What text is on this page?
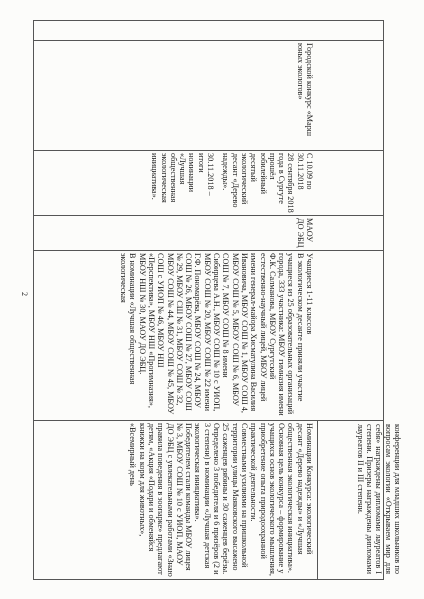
2

конференции для младших школьников по вопросам экологии «Открываем мир для себя» награждены дипломами лауреатов I степени. Призеры награждены дипломами лауреатов II и III степени.

Городской конкурс «Марш юных экологов»

С 10.09 по 30.11.2018

28 сентября 2018 года в Сургуте прошёл юбилейный десятый экологический десант «Дерево надежды».

30.11.2018 – итоги номинации «Лучшая общественная экологическая инициатива».

МАОУ ДО ЭБЦ

Учащиеся 1-11 классов

В экологическом десанте приняли участие учащиеся из 25 образовательных организаций города, 333 участника: МБОУ гимназия имени Ф.К. Салманова, МБОУ Сургутский естественно-научный лицей, МБОУ лицей имени генерал-майора Хисматулина Василия Ивановича, МБОУ СОШ № 1, МБОУ СОШ 4, МБОУ СОШ № 5, МБОУ СОШ № 6, МБОУ СОШ № 7, МБОУ СОШ № 8 имени Сибирцева А.Н., МБОУ СОШ № 10 с УИОП, МБОУ СОШ № 20, МБОУ СОШ № 22 имени Г.Ф. Пономарёва, МБОУ СОШ № 24, МБОУ СОШ № 26, МБОУ СОШ № 27, МБОУ СОШ № 29, МБОУ СШ № 31, МБОУ СОШ № 32, МБОУ СОШ № 44, МБОУ СОШ № 45, МБОУ СОШ с УИОП № 46, МБОУ НШ «Перспектива», МБОУ НШ «Прогимназия», МБОУ НШ № 30, МАОУ ДО ЭБЦ.

В номинации «Лучшая общественная экологическая

Номинации Конкурса: экологический десант «Дерево надежды» и «Лучшая общественная экологическая инициатива».

Основная цель конкурса – формирование у учащихся основ экологического мышления, приобретение опыта природоохранной практической деятельности.

Совместными усилиями на пришкольной территории улицы Маяковского высажено 25 саженцев рябины и 30 саженцев берёзы.

Определено 3 победителя и 6 призёров (2 и 3 степени) в номинации «Лучшая детская экологическая инициатива».

Победителем стали команды МБОУ лицея № 3, МБОУ СОШ № 10 с УИОП, МАОУ ДО ЭБЦ с увлекательными работами «Знаю правила поведения в зоопарке» предлагают детям, «Акция «Подари и обменяйся книжки на корм для животных», «Всемирный день
